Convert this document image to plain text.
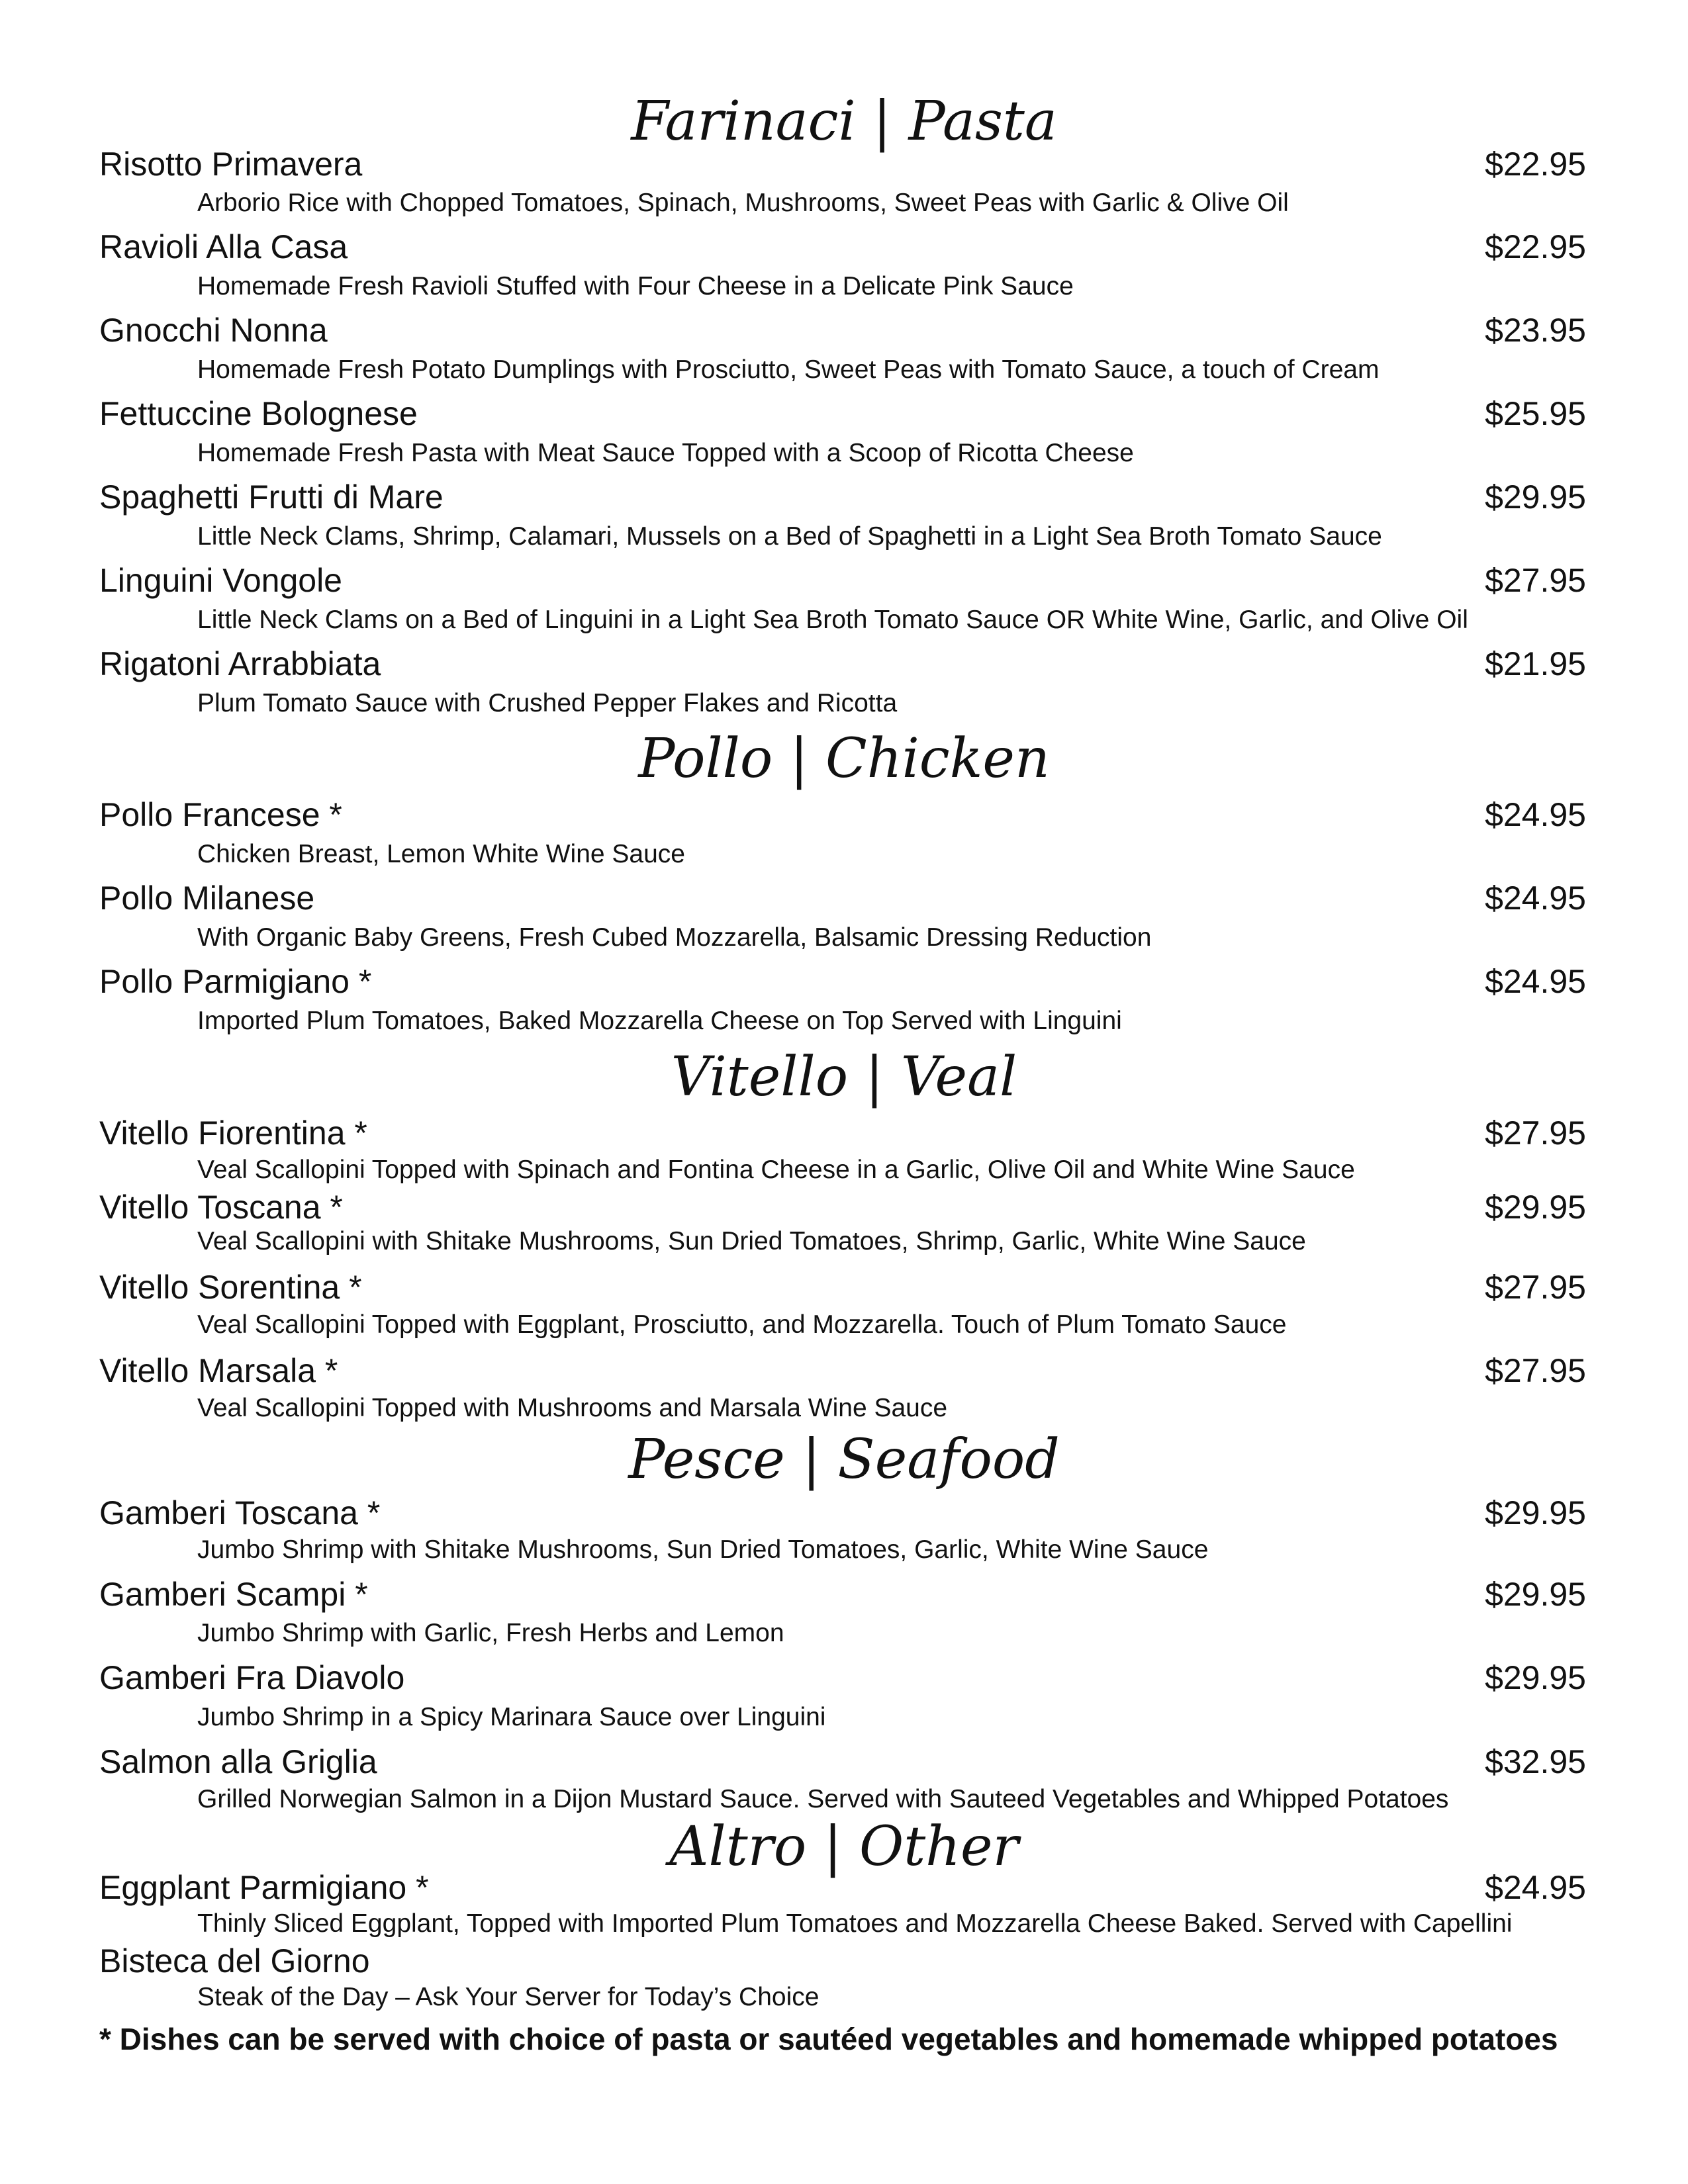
Farinaci | Pasta
Risotto Primavera	$22.95
Arborio Rice with Chopped Tomatoes, Spinach, Mushrooms, Sweet Peas with Garlic & Olive Oil
Ravioli Alla Casa	$22.95
Homemade Fresh Ravioli Stuffed with Four Cheese in a Delicate Pink Sauce
Gnocchi Nonna	$23.95
Homemade Fresh Potato Dumplings with Prosciutto, Sweet Peas with Tomato Sauce, a touch of Cream
Fettuccine Bolognese	$25.95
Homemade Fresh Pasta with Meat Sauce Topped with a Scoop of Ricotta Cheese
Spaghetti Frutti di Mare	$29.95
Little Neck Clams, Shrimp, Calamari, Mussels on a Bed of Spaghetti in a Light Sea Broth Tomato Sauce
Linguini Vongole	$27.95
Little Neck Clams on a Bed of Linguini in a Light Sea Broth Tomato Sauce OR White Wine, Garlic, and Olive Oil
Rigatoni Arrabbiata	$21.95
Plum Tomato Sauce with Crushed Pepper Flakes and Ricotta
Pollo | Chicken
Pollo Francese *	$24.95
Chicken Breast, Lemon White Wine Sauce
Pollo Milanese	$24.95
With Organic Baby Greens, Fresh Cubed Mozzarella, Balsamic Dressing Reduction
Pollo Parmigiano *	$24.95
Imported Plum Tomatoes, Baked Mozzarella Cheese on Top Served with Linguini
Vitello | Veal
Vitello Fiorentina *	$27.95
Veal Scallopini Topped with Spinach and Fontina Cheese in a Garlic, Olive Oil and White Wine Sauce
Vitello Toscana *	$29.95
Veal Scallopini with Shitake Mushrooms, Sun Dried Tomatoes, Shrimp, Garlic, White Wine Sauce
Vitello Sorentina *	$27.95
Veal Scallopini Topped with Eggplant, Prosciutto, and Mozzarella. Touch of Plum Tomato Sauce
Vitello Marsala *	$27.95
Veal Scallopini Topped with Mushrooms and Marsala Wine Sauce
Pesce | Seafood
Gamberi Toscana *	$29.95
Jumbo Shrimp with Shitake Mushrooms, Sun Dried Tomatoes, Garlic, White Wine Sauce
Gamberi Scampi *	$29.95
Jumbo Shrimp with Garlic, Fresh Herbs and Lemon
Gamberi Fra Diavolo	$29.95
Jumbo Shrimp in a Spicy Marinara Sauce over Linguini
Salmon alla Griglia	$32.95
Grilled Norwegian Salmon in a Dijon Mustard Sauce. Served with Sauteed Vegetables and Whipped Potatoes
Altro | Other
Eggplant Parmigiano *	$24.95
Thinly Sliced Eggplant, Topped with Imported Plum Tomatoes and Mozzarella Cheese Baked. Served with Capellini
Bisteca del Giorno
Steak of the Day – Ask Your Server for Today’s Choice
* Dishes can be served with choice of pasta or sautéed vegetables and homemade whipped potatoes
